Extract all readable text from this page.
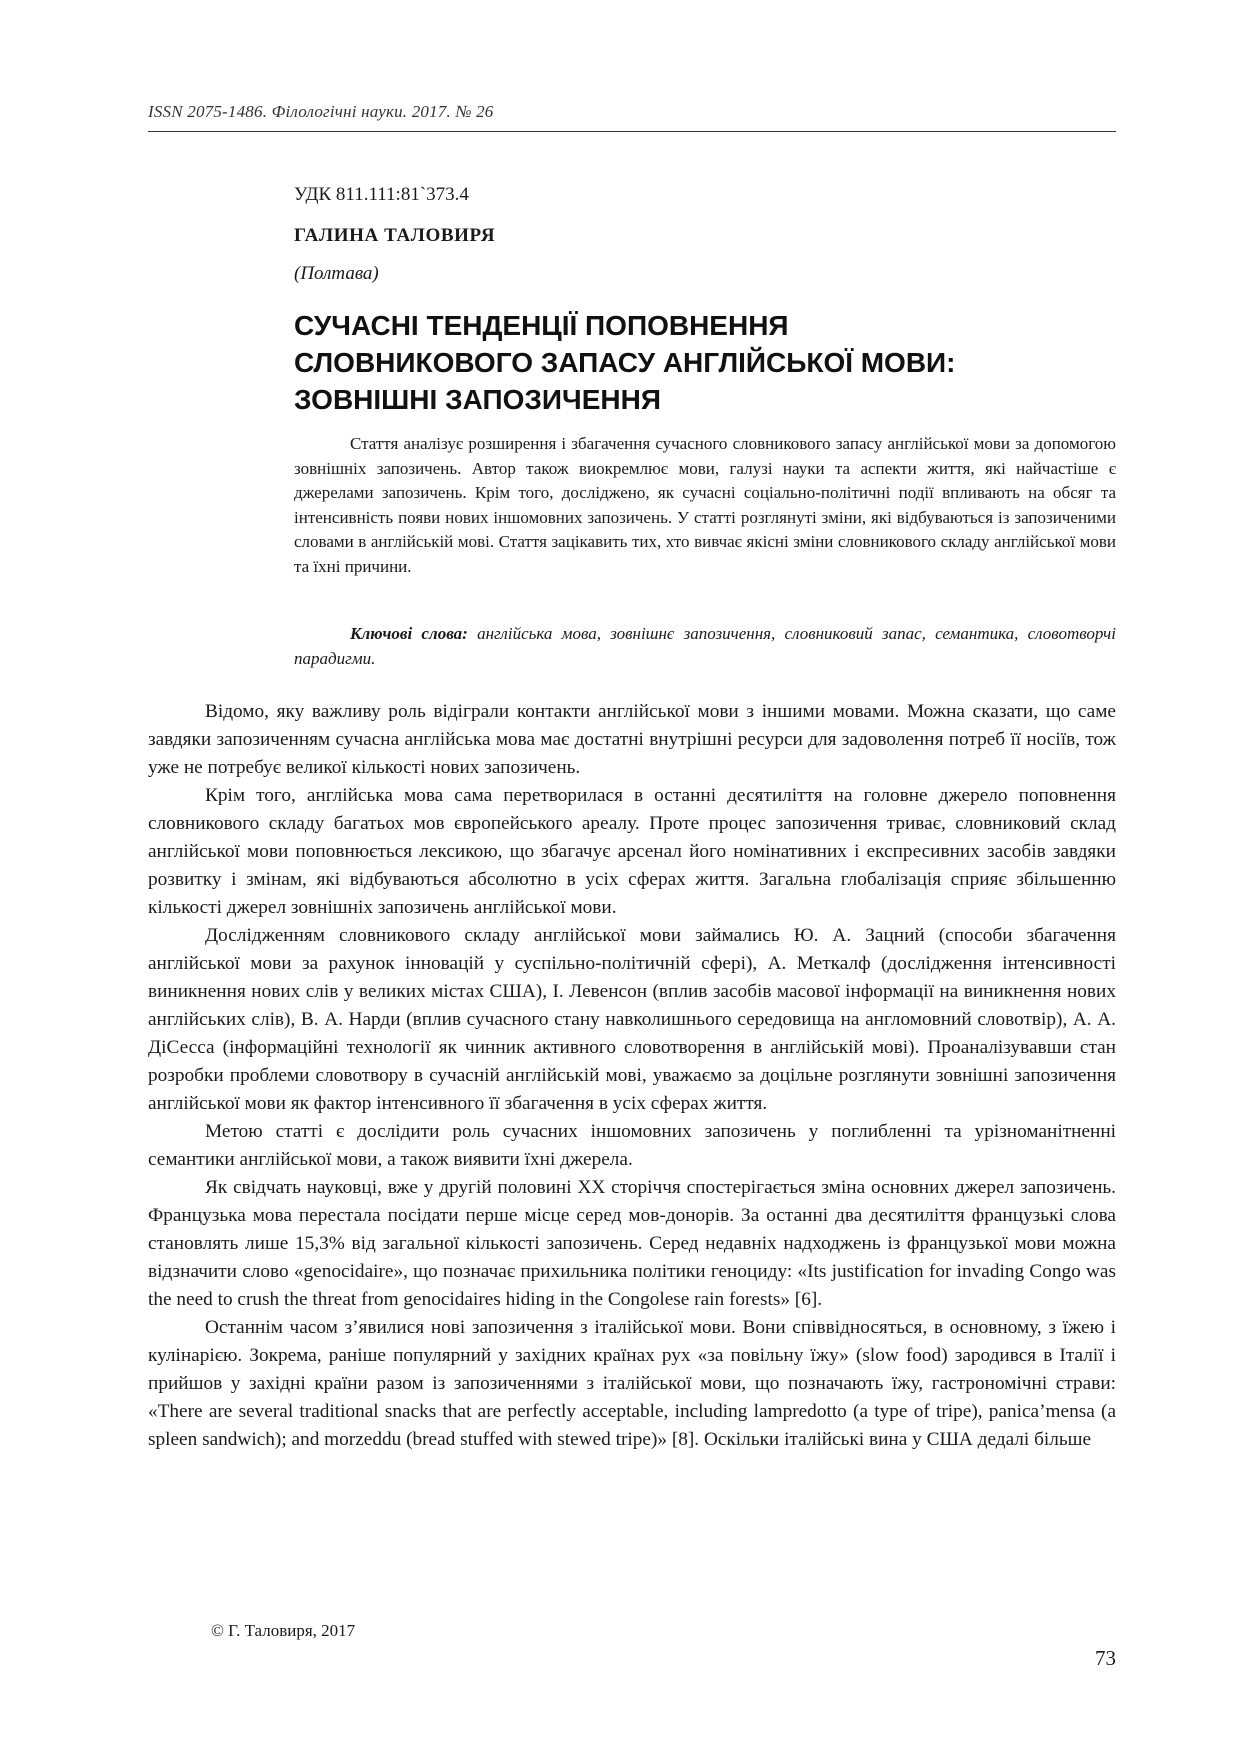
ISSN 2075-1486. Філологічні науки. 2017. № 26
УДК 811.111:81`373.4
ГАЛИНА ТАЛОВИРЯ
(Полтава)
СУЧАСНІ ТЕНДЕНЦІЇ ПОПОВНЕННЯ
СЛОВНИКОВОГО ЗАПАСУ АНГЛІЙСЬКОЇ МОВИ:
ЗОВНІШНІ ЗАПОЗИЧЕННЯ

Стаття аналізує розширення і збагачення сучасного словникового запасу англійської мови за допомогою зовнішніх запозичень. Автор також виокремлює мови, галузі науки та аспекти життя, які найчастіше є джерелами запозичень. Крім того, досліджено, як сучасні соціально-політичні події впливають на обсяг та інтенсивність появи нових іншомовних запозичень. У статті розглянуті зміни, які відбуваються із запозиченими словами в англійській мові. Стаття зацікавить тих, хто вивчає якісні зміни словникового складу англійської мови та їхні причини.

Ключові слова: англійська мова, зовнішнє запозичення, словниковий запас, семантика, словотворчі парадигми.

Відомо, яку важливу роль відіграли контакти англійської мови з іншими мовами. Можна сказати, що саме завдяки запозиченням сучасна англійська мова має достатні внутрішні ресурси для задоволення потреб її носіїв, тож уже не потребує великої кількості нових запозичень.

Крім того, англійська мова сама перетворилася в останні десятиліття на головне джерело поповнення словникового складу багатьох мов європейського ареалу. Проте процес запозичення триває, словниковий склад англійської мови поповнюється лексикою, що збагачує арсенал його номінативних і експресивних засобів завдяки розвитку і змінам, які відбуваються абсолютно в усіх сферах життя. Загальна глобалізація сприяє збільшенню кількості джерел зовнішніх запозичень англійської мови.

Дослідженням словникового складу англійської мови займались Ю. А. Зацний (способи збагачення англійської мови за рахунок інновацій у суспільно-політичній сфері), А. Меткалф (дослідження інтенсивності виникнення нових слів у великих містах США), І. Левенсон (вплив засобів масової інформації на виникнення нових англійських слів), В. А. Нарди (вплив сучасного стану навколишнього середовища на англомовний словотвір), А. А. ДіСесса (інформаційні технології як чинник активного словотворення в англійській мові). Проаналізувавши стан розробки проблеми словотвору в сучасній англійській мові, уважаємо за доцільне розглянути зовнішні запозичення англійської мови як фактор інтенсивного її збагачення в усіх сферах життя.

Метою статті є дослідити роль сучасних іншомовних запозичень у поглибленні та урізноманітненні семантики англійської мови, а також виявити їхні джерела.

Як свідчать науковці, вже у другій половині ХХ сторіччя спостерігається зміна основних джерел запозичень. Французька мова перестала посідати перше місце серед мов-донорів. За останні два десятиліття французькі слова становлять лише 15,3% від загальної кількості запозичень. Серед недавніх надходжень із французької мови можна відзначити слово «genocidaire», що позначає прихильника політики геноциду: «Its justification for invading Congo was the need to crush the threat from genocidaires hiding in the Congolese rain forests» [6].

Останнім часом з’явилися нові запозичення з італійської мови. Вони співвідносяться, в основному, з їжею і кулінарією. Зокрема, раніше популярний у західних країнах рух «за повільну їжу» (slow food) зародився в Італії і прийшов у західні країни разом із запозиченнями з італійської мови, що позначають їжу, гастрономічні страви: «There are several traditional snacks that are perfectly acceptable, including lampredotto (a type of tripe), panica’mensa (a spleen sandwich); and morzeddu (bread stuffed with stewed tripe)» [8]. Оскільки італійські вина у США дедалі більше

© Г. Таловиря, 2017
73
